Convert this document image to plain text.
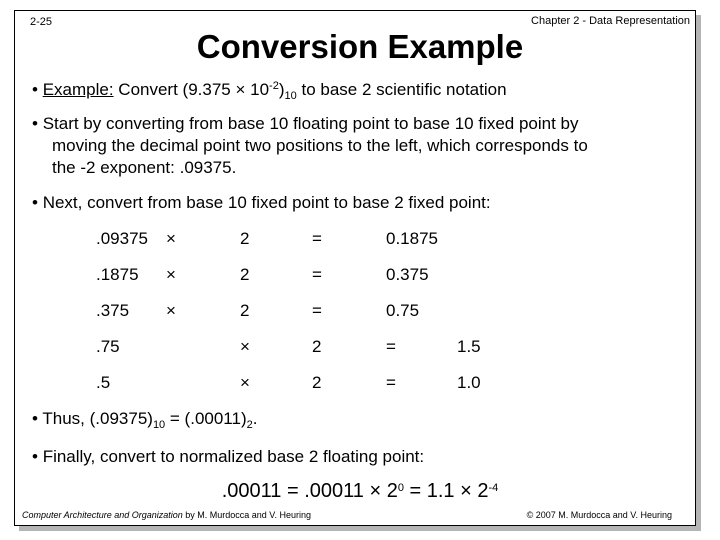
2-25	Chapter 2 - Data Representation
Conversion Example
• Example: Convert $(9.375 \times 10^{-2})_{10}$ to base 2 scientific notation
• Start by converting from base 10 floating point to base 10 fixed point by
moving the decimal point two positions to the left, which corresponds to
the -2 exponent: .09375.
• Next, convert from base 10 fixed point to base 2 fixed point:
.09375 ×	2	=	0.1875
.1875 ×	2	=	0.375
.375 ×	2	=	0.75
.75	×	2	=	1.5
.5	×	2	=	1.0
• Thus, $(.09375)_{10} = (.00011)_2$.
• Finally, convert to normalized base 2 floating point:
$.00011 = .00011 \times 2^0 = 1.1 \times 2^{-4}$
Computer Architecture and Organization by M. Murdocca and V. Heuring	© 2007 M. Murdocca and V. Heuring
